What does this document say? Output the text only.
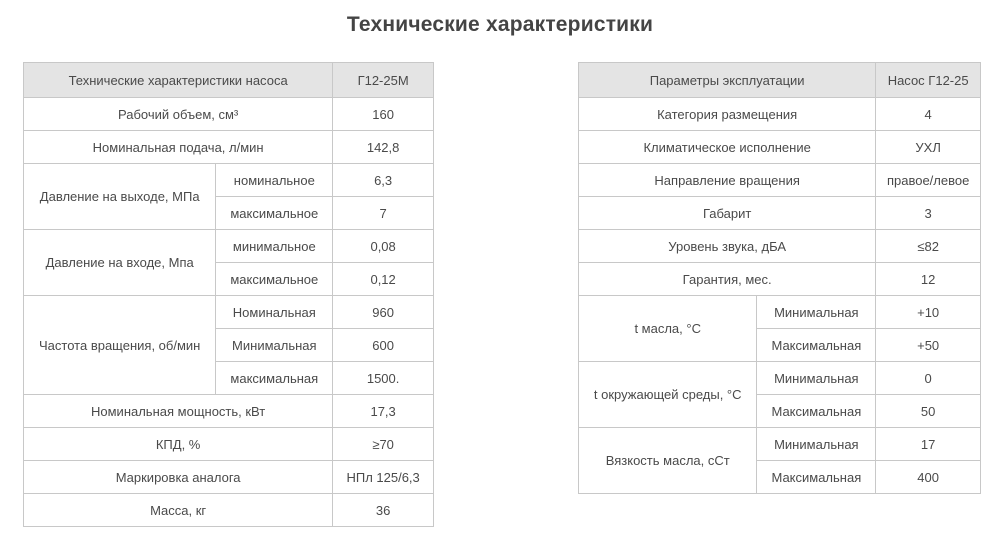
Технические характеристики
Технические характеристики насоса		Г12-25М
Рабочий объем, см³		160
Номинальная подача, л/мин		142,8
Давление на выходе, МПа	номинальное	6,3
	максимальное	7
Давление на входе, Мпа	минимальное	0,08
	максимальное	0,12
Частота вращения, об/мин	Номинальная	960
	Минимальная	600
	максимальная	1500.
Номинальная мощность, кВт		17,3
КПД, %		≥70
Маркировка аналога		НПл 125/6,3
Масса, кг		36
Параметры эксплуатации		Насос Г12-25
Категория размещения		4
Климатическое исполнение		УХЛ
Направление вращения		правое/левое
Габарит		3
Уровень звука, дБА		≤82
Гарантия, мес.		12
t масла, °С	Минимальная	+10
	Максимальная	+50
t окружающей среды, °С	Минимальная	0
	Максимальная	50
Вязкость масла, сСт	Минимальная	17
	Максимальная	400
